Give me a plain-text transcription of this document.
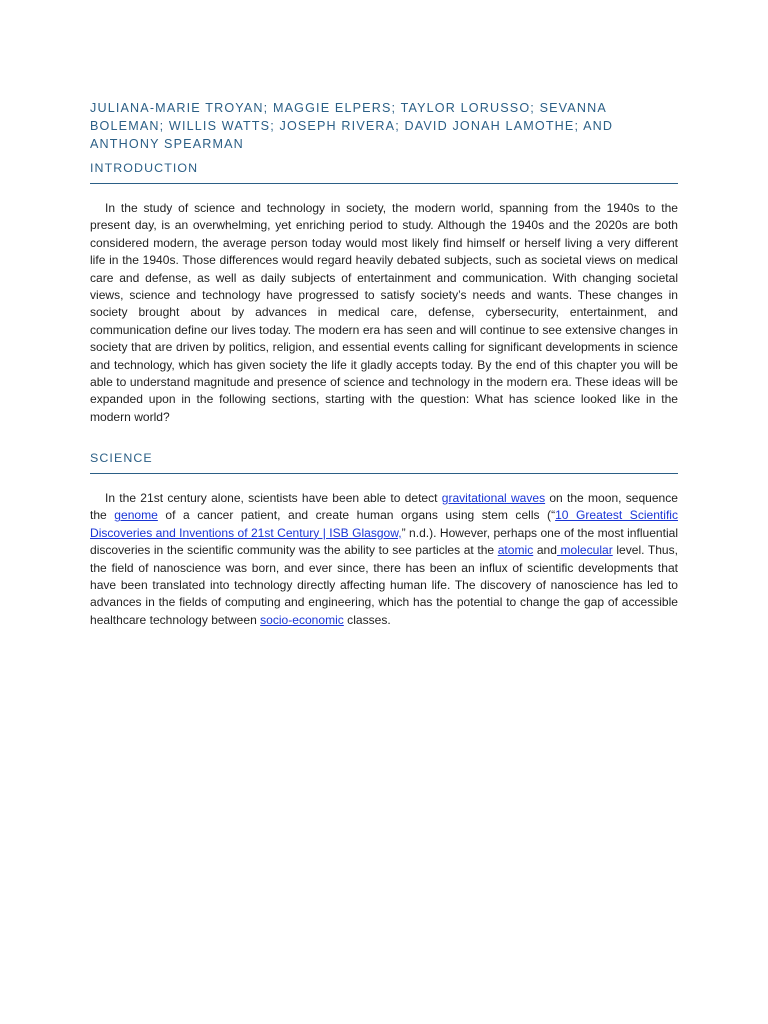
JULIANA-MARIE TROYAN; MAGGIE ELPERS; TAYLOR LORUSSO; SEVANNA BOLEMAN; WILLIS WATTS; JOSEPH RIVERA; DAVID JONAH LAMOTHE; AND ANTHONY SPEARMAN
INTRODUCTION

In the study of science and technology in society, the modern world, spanning from the 1940s to the present day, is an overwhelming, yet enriching period to study. Although the 1940s and the 2020s are both considered modern, the average person today would most likely find himself or herself living a very different life in the 1940s. Those differences would regard heavily debated subjects, such as societal views on medical care and defense, as well as daily subjects of entertainment and communication. With changing societal views, science and technology have progressed to satisfy society’s needs and wants. These changes in society brought about by advances in medical care, defense, cybersecurity, entertainment, and communication define our lives today. The modern era has seen and will continue to see extensive changes in society that are driven by politics, religion, and essential events calling for significant developments in science and technology, which has given society the life it gladly accepts today. By the end of this chapter you will be able to understand magnitude and presence of science and technology in the modern era. These ideas will be expanded upon in the following sections, starting with the question: What has science looked like in the modern world?

SCIENCE

In the 21st century alone, scientists have been able to detect gravitational waves on the moon, sequence the genome of a cancer patient, and create human organs using stem cells (“10 Greatest Scientific Discoveries and Inventions of 21st Century | ISB Glasgow,” n.d.). However, perhaps one of the most influential discoveries in the scientific community was the ability to see particles at the atomic and molecular level. Thus, the field of nanoscience was born, and ever since, there has been an influx of scientific developments that have been translated into technology directly affecting human life. The discovery of nanoscience has led to advances in the fields of computing and engineering, which has the potential to change the gap of accessible healthcare technology between socio-economic classes.
